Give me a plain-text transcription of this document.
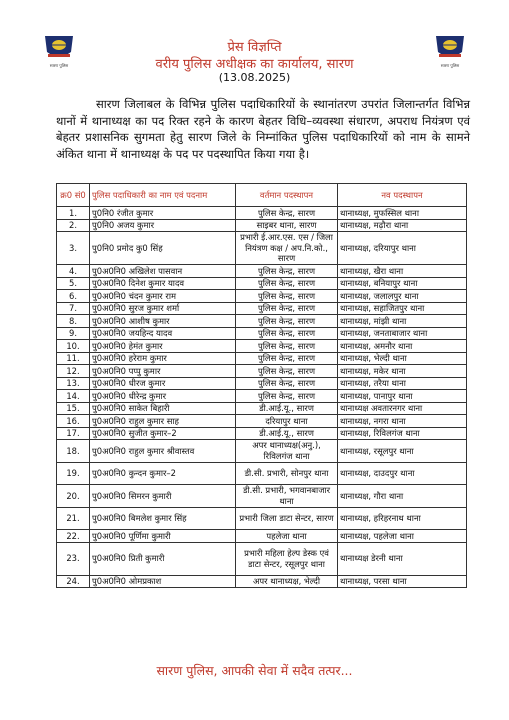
सारण पुलिस	सारण पुलिस
प्रेस विज्ञप्ति
वरीय पुलिस अधीक्षक का कार्यालय, सारण
(13.08.2025)
सारण जिलाबल के विभिन्न पुलिस पदाधिकारियों के स्थानांतरण उपरांत जिलान्तर्गत विभिन्न थानों में थानाध्यक्ष का पद रिक्त रहने के कारण बेहतर विधि–व्यवस्था संधारण, अपराध नियंत्रण एवं बेहतर प्रशासनिक सुगमता हेतु सारण जिले के निम्नांकित पुलिस पदाधिकारियों को नाम के सामने अंकित थाना में थानाध्यक्ष के पद पर पदस्थापित किया गया है।
क्र0 सं0	पुलिस पदाधिकारी का नाम एवं पदनाम	वर्तमान पदस्थापन	नव पदस्थापन
1.	पु0नि0 रंजीत कुमार	पुलिस केन्द्र, सारण	थानाध्यक्ष, मुफस्सिल थाना
2.	पु0नि0 अजय कुमार	साइबर थाना, सारण	थानाध्यक्ष, मढ़ौरा थाना
3.	पु0नि0 प्रमोद कु0 सिंह	प्रभारी ई.आर.एस. एस / जिला नियंत्रण कक्ष / अप.नि.को., सारण	थानाध्यक्ष, दरियापुर थाना
4.	पु0अ0नि0 अखिलेश पासवान	पुलिस केन्द्र, सारण	थानाध्यक्ष, खैरा थाना
5.	पु0अ0नि0 दिनेश कुमार यादव	पुलिस केन्द्र, सारण	थानाध्यक्ष, बनियापुर थाना
6.	पु0अ0नि0 चंदन कुमार राम	पुलिस केन्द्र, सारण	थानाध्यक्ष, जलालपुर थाना
7.	पु0अ0नि0 सुरज कुमार शर्मा	पुलिस केन्द्र, सारण	थानाध्यक्ष, सहाजितपुर थाना
8.	पु0अ0नि0 आशीष कुमार	पुलिस केन्द्र, सारण	थानाध्यक्ष, मांझी थाना
9.	पु0अ0नि0 जयहिन्द यादव	पुलिस केन्द्र, सारण	थानाध्यक्ष, जनताबाजार थाना
10.	पु0अ0नि0 हेमंत कुमार	पुलिस केन्द्र, सारण	थानाध्यक्ष, अमनौर थाना
11.	पु0अ0नि0 हरेराम कुमार	पुलिस केन्द्र, सारण	थानाध्यक्ष, भेल्दी थाना
12.	पु0अ0नि0 पप्पु कुमार	पुलिस केन्द्र, सारण	थानाध्यक्ष, मकेर थाना
13.	पु0अ0नि0 धीरज कुमार	पुलिस केन्द्र, सारण	थानाध्यक्ष, तरैया थाना
14.	पु0अ0नि0 धीरेन्द्र कुमार	पुलिस केन्द्र, सारण	थानाध्यक्ष, पानापुर थाना
15.	पु0अ0नि0 साकेत बिहारी	डी.आई.यू., सारण	थानाध्यक्ष अवतारनगर थाना
16.	पु0अ0नि0 राहुल कुमार साह	दरियापुर थाना	थानाध्यक्ष, नगरा थाना
17.	पु0अ0नि0 सुजीत कुमार–2	डी.आई.यू., सारण	थानाध्यक्ष, रिविलगंज थाना
18.	पु0अ0नि0 राहुल कुमार श्रीवास्तव	अपर थानाध्यक्ष(अनु.), रिविलगंज थाना	थानाध्यक्ष, रसूलपुर थाना
19.	पु0अ0नि0 कुन्दन कुमार–2	डी.सी. प्रभारी, सोनपुर थाना	थानाध्यक्ष, दाउदपुर थाना
20.	पु0अ0नि0 सिमरन कुमारी	डी.सी. प्रभारी, भगवानबाजार थाना	थानाध्यक्ष, गौरा थाना
21.	पु0अ0नि0 बिमलेश कुमार सिंह	प्रभारी जिला डाटा सेन्टर, सारण	थानाध्यक्ष, हरिहरनाथ थाना
22.	पु0अ0नि0 पूर्णिमा कुमारी	पहलेजा थाना	थानाध्यक्ष, पहलेजा थाना
23.	पु0अ0नि0 प्रिती कुमारी	प्रभारी महिला हेल्प डेस्क एवं डाटा सेन्टर, रसूलपुर थाना	थानाध्यक्ष डेरनी थाना
24.	पु0अ0नि0 ओमप्रकाश	अपर थानाध्यक्ष, भेल्दी	थानाध्यक्ष, परसा थाना
सारण पुलिस, आपकी सेवा में सदैव तत्पर...
